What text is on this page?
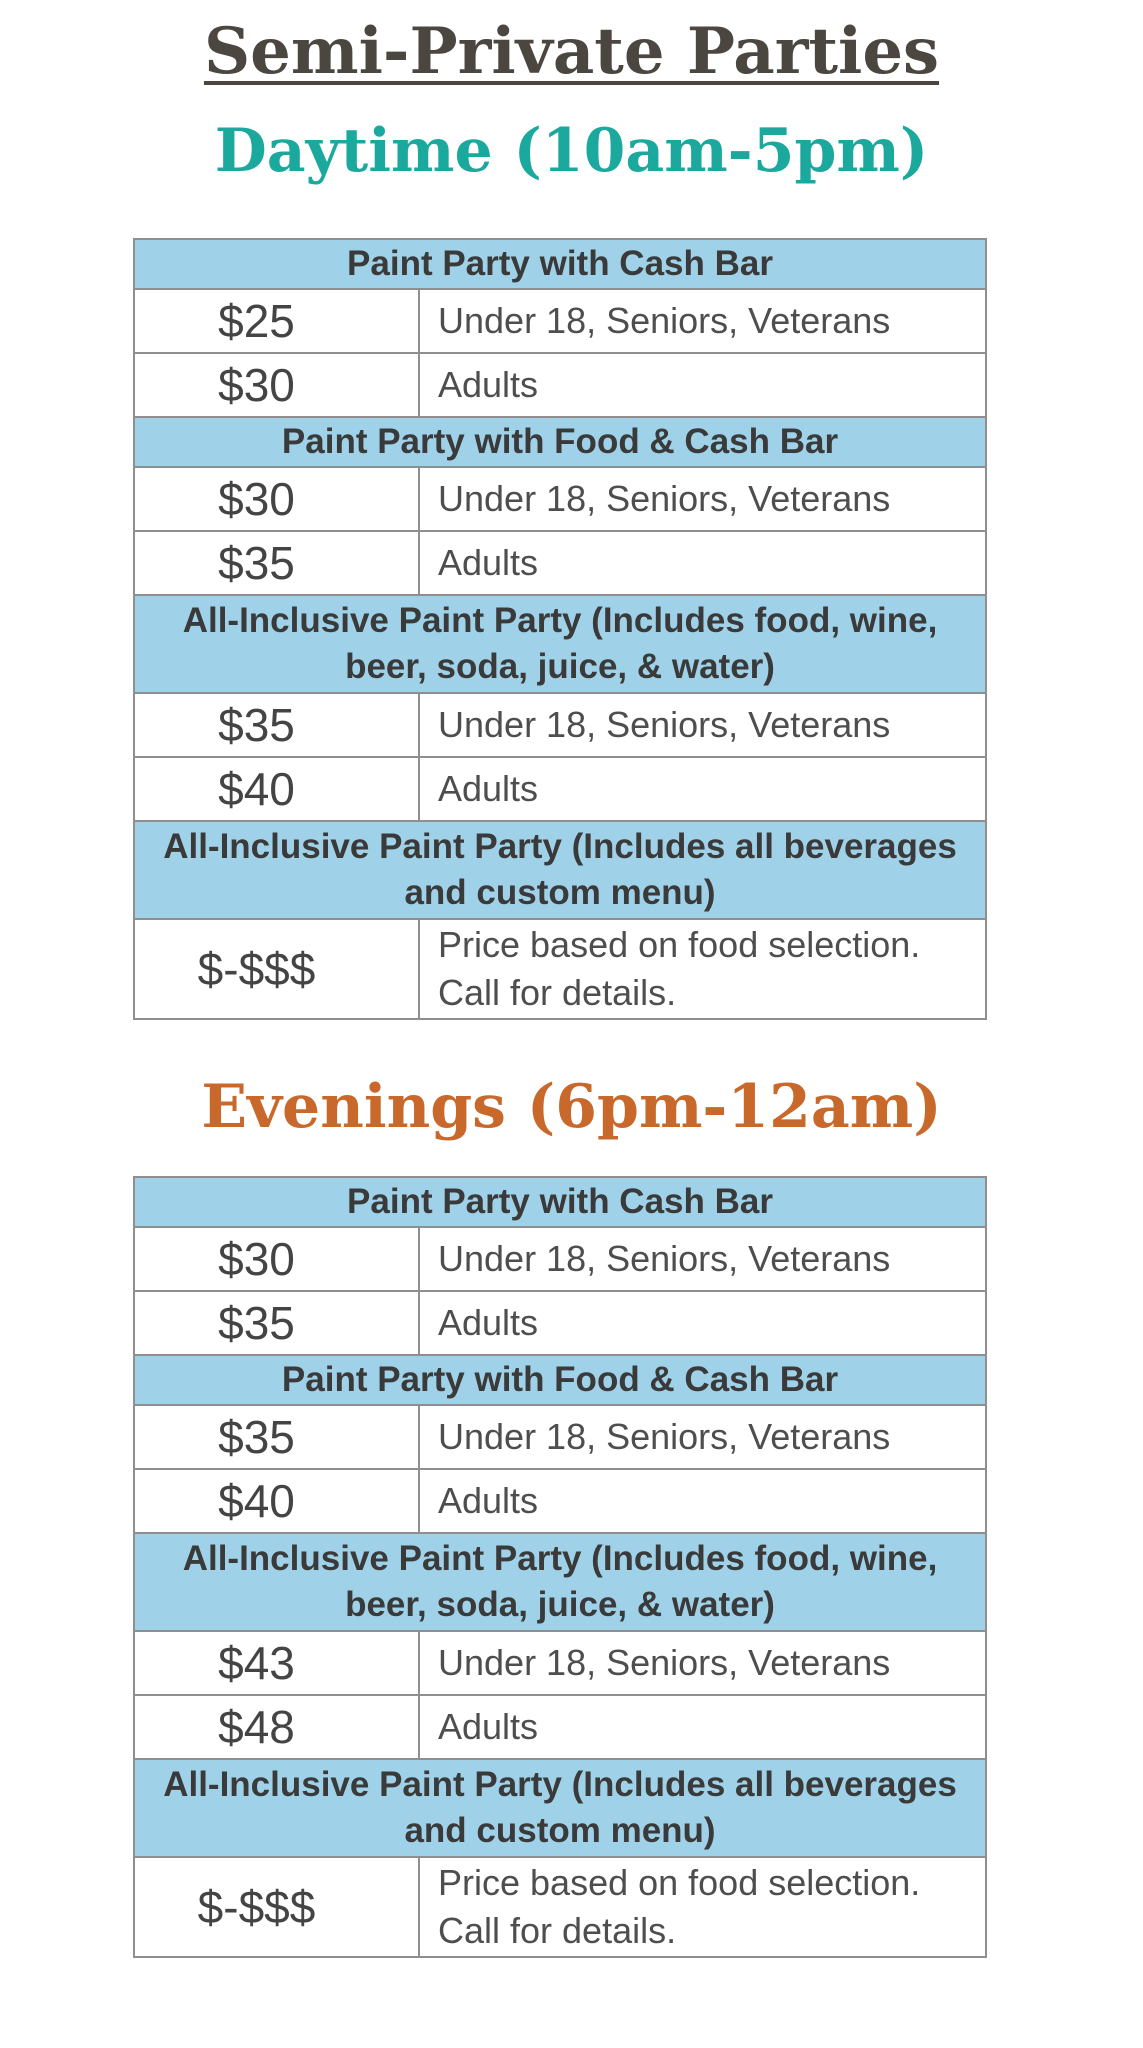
Semi-Private Parties
Daytime (10am-5pm)
Paint Party with Cash Bar	
$25	Under 18, Seniors, Veterans
$30	Adults
Paint Party with Food & Cash Bar	
$30	Under 18, Seniors, Veterans
$35	Adults
All-Inclusive Paint Party (Includes food, wine, beer, soda, juice, & water)	
$35	Under 18, Seniors, Veterans
$40	Adults
All-Inclusive Paint Party (Includes all beverages and custom menu)	
$-$$$	Price based on food selection. Call for details.
Evenings (6pm-12am)
Paint Party with Cash Bar	
$30	Under 18, Seniors, Veterans
$35	Adults
Paint Party with Food & Cash Bar	
$35	Under 18, Seniors, Veterans
$40	Adults
All-Inclusive Paint Party (Includes food, wine, beer, soda, juice, & water)	
$43	Under 18, Seniors, Veterans
$48	Adults
All-Inclusive Paint Party (Includes all beverages and custom menu)	
$-$$$	Price based on food selection. Call for details.
